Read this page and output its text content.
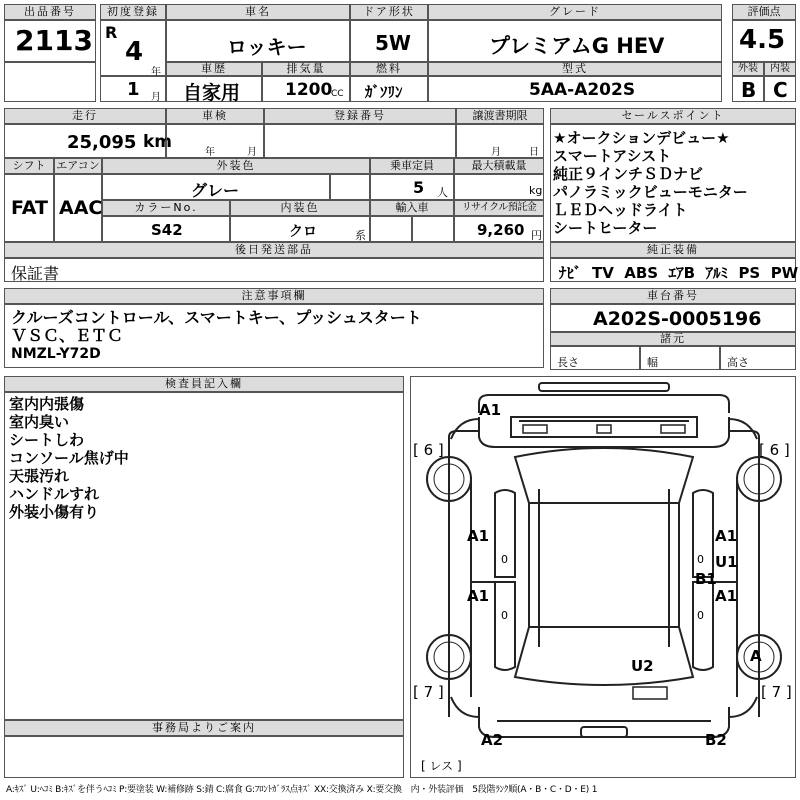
出品番号
2113
初度登録
R
4
年
1 月
車名
ロッキー
ドア形状
5W
グレード
プレミアムG HEV
評価点
4.5
外装	内装
B C
車歴
自家用
排気量
1200
CC
燃料
ｶﾞｿﾘﾝ
型式
5AA-A202S
走行
25,095 km
車検
年	月
登録番号	譲渡書期限
月	日
シフト エアコン
FAT AAC
外装色
グレー
乗車定員
5 人
最大積載量
kg
カラーNo.
S42
内装色
クロ	系
輸入車	リサイクル預託金
9,260 円
後日発送部品
保証書
セールスポイント
★オークションデビュー★
スマートアシスト
純正９インチＳＤナビ
パノラミックビューモニター
ＬＥＤヘッドライト
シートヒーター
純正装備
ﾅﾋﾞ TV ABS ｴｱB ｱﾙﾐ PS PW
注意事項欄
クルーズコントロール、スマートキー、プッシュスタート
ＶＳＣ、ＥＴＣ
NMZL-Y72D
車台番号
A202S-0005196
諸元
長さ	幅	高さ
検査員記入欄
室内内張傷
室内臭い
シートしわ
コンソール焦げ中
天張汚れ
ハンドルすれ
外装小傷有り
事務局よりご案内
A1
A1
A1
A1
U1
B1
A1
U2
A
A2	B2
[ 6 ]	[ 6 ]
[ 7 ]	[ 7 ]
0
0
0
0
[ レス ]
A:ｷｽﾞ U:ﾍｺﾐ B:ｷｽﾞを伴うﾍｺﾐ P:要塗装 W:補修跡 S:錆 C:腐食 G:ﾌﾛﾝﾄｶﾞﾗｽ点ｷｽﾞ XX:交換済み X:要交換　内・外装評価　5段階ﾗﾝｸ順(A・B・C・D・E) 1
